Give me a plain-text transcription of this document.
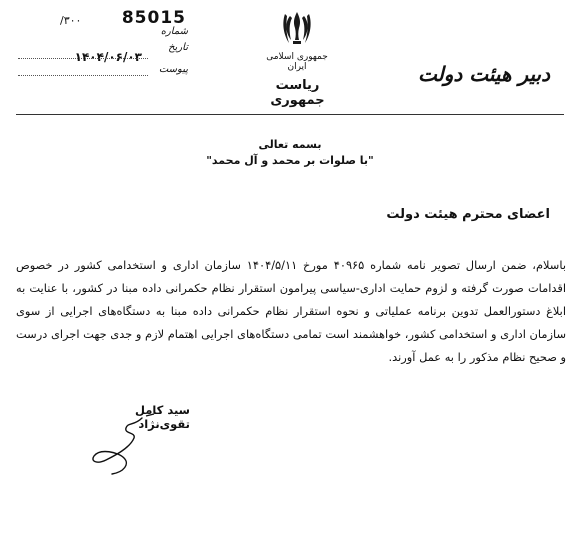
شماره
85015
۳۰۰/
تاریخ
۱۴۰۴/۰۶/۰۳
پیوست
جمهوری اسلامی ایران
ریاست جمهوری
دبیر هیئت دولت
بسمه تعالی
"با صلوات بر محمد و آل محمد"
اعضای محترم هیئت دولت

باسلام، ضمن ارسال تصویر نامه شماره ۴۰۹۶۵ مورخ ۱۴۰۴/۵/۱۱ سازمان اداری و استخدامی کشور در خصوص اقدامات صورت گرفته و لزوم حمایت اداری-سیاسی پیرامون استقرار نظام حکمرانی داده مبنا در کشور، با عنایت به ابلاغ دستورالعمل تدوین برنامه عملیاتی و نحوه استقرار نظام حکمرانی داده مبنا به دستگاه‌های اجرایی از سوی سازمان اداری و استخدامی کشور، خواهشمند است تمامی دستگاه‌های اجرایی اهتمام لازم و جدی جهت اجرای درست و صحیح نظام مذکور را به عمل آورند.

سید کامل تقوی‌نژاد
